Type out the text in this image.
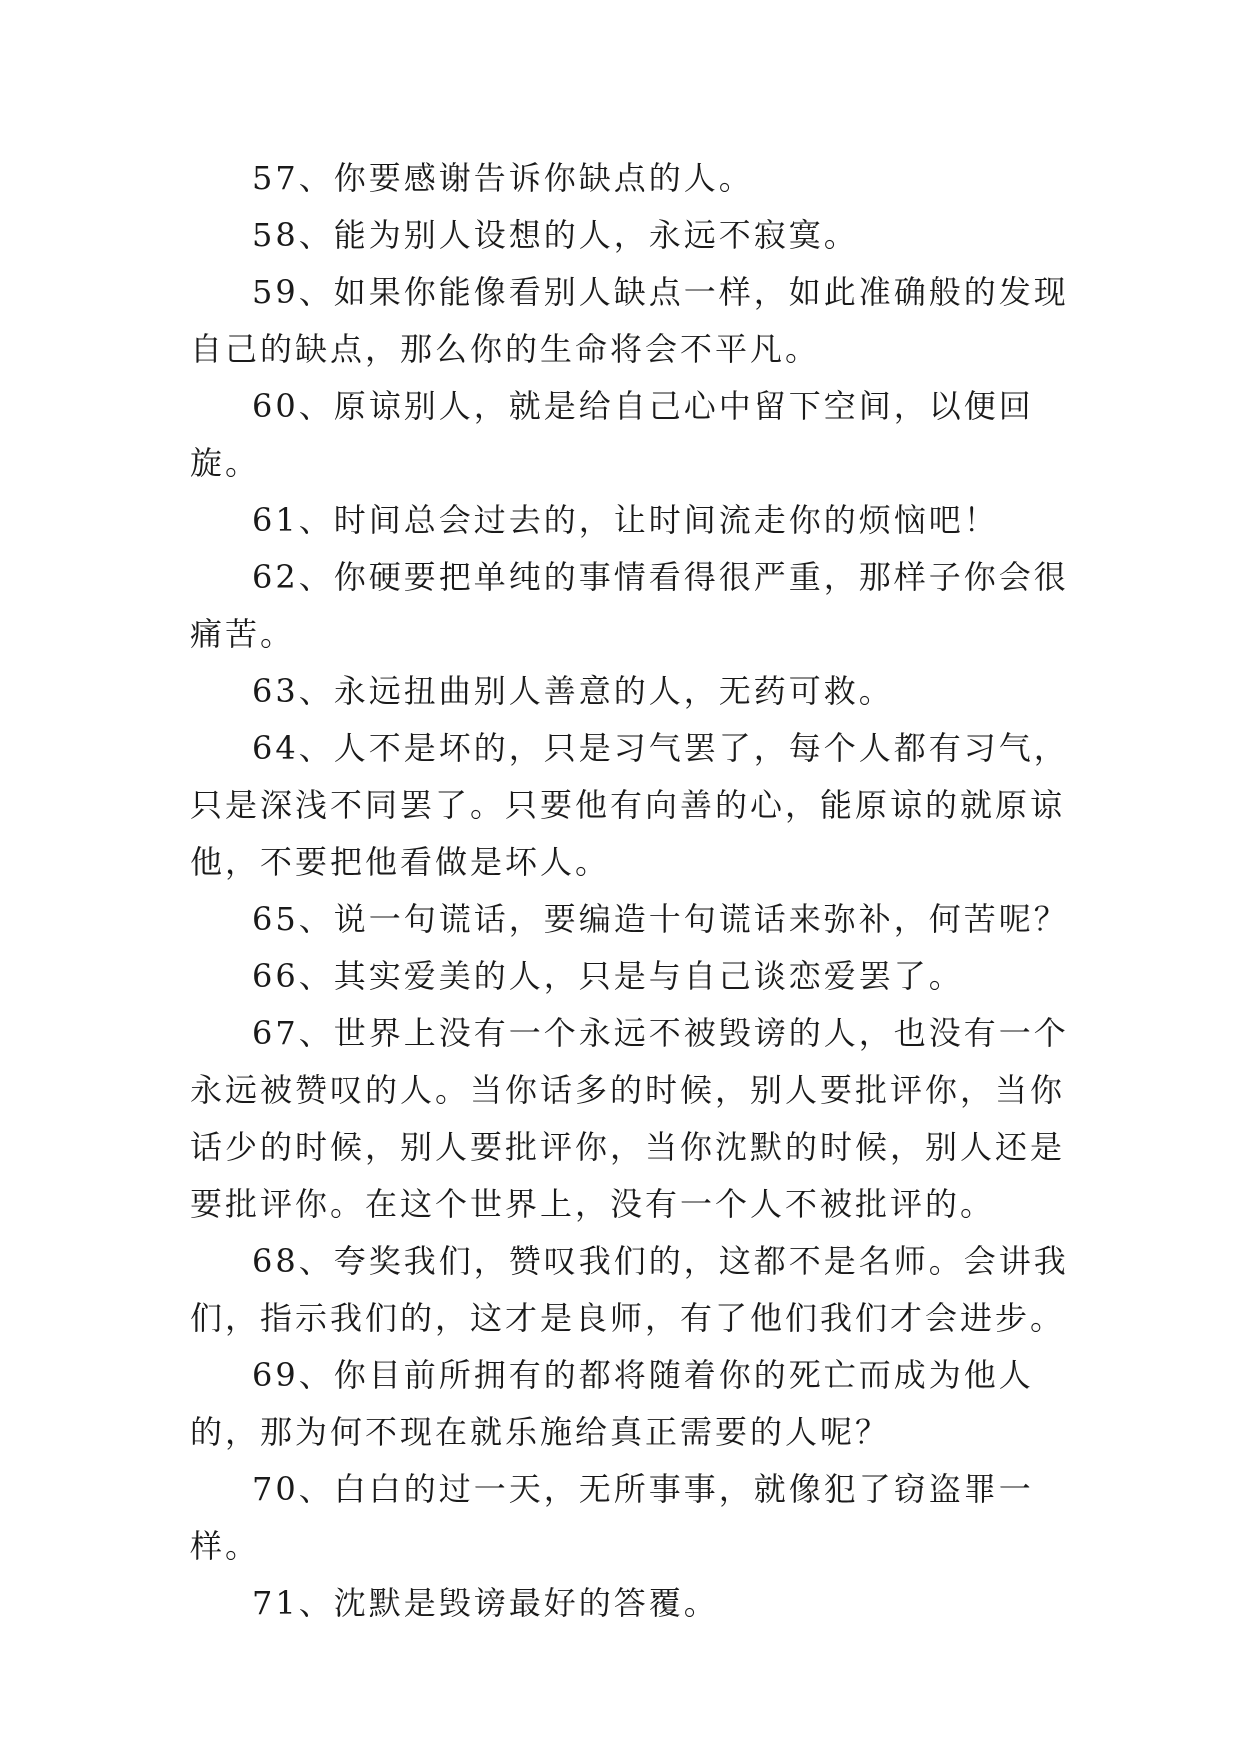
57、你要感谢告诉你缺点的人。

58、能为别人设想的人，永远不寂寞。

59、如果你能像看别人缺点一样，如此准确般的发现自己的缺点，那么你的生命将会不平凡。

60、原谅别人，就是给自己心中留下空间，以便回旋。

61、时间总会过去的，让时间流走你的烦恼吧！

62、你硬要把单纯的事情看得很严重，那样子你会很痛苦。

63、永远扭曲别人善意的人，无药可救。

64、人不是坏的，只是习气罢了，每个人都有习气，只是深浅不同罢了。只要他有向善的心，能原谅的就原谅他，不要把他看做是坏人。

65、说一句谎话，要编造十句谎话来弥补，何苦呢？

66、其实爱美的人，只是与自己谈恋爱罢了。

67、世界上没有一个永远不被毁谤的人，也没有一个永远被赞叹的人。当你话多的时候，别人要批评你，当你话少的时候，别人要批评你，当你沈默的时候，别人还是要批评你。在这个世界上，没有一个人不被批评的。

68、夸奖我们，赞叹我们的，这都不是名师。会讲我们，指示我们的，这才是良师，有了他们我们才会进步。

69、你目前所拥有的都将随着你的死亡而成为他人的，那为何不现在就乐施给真正需要的人呢？

70、白白的过一天，无所事事，就像犯了窃盗罪一样。

71、沈默是毁谤最好的答覆。
